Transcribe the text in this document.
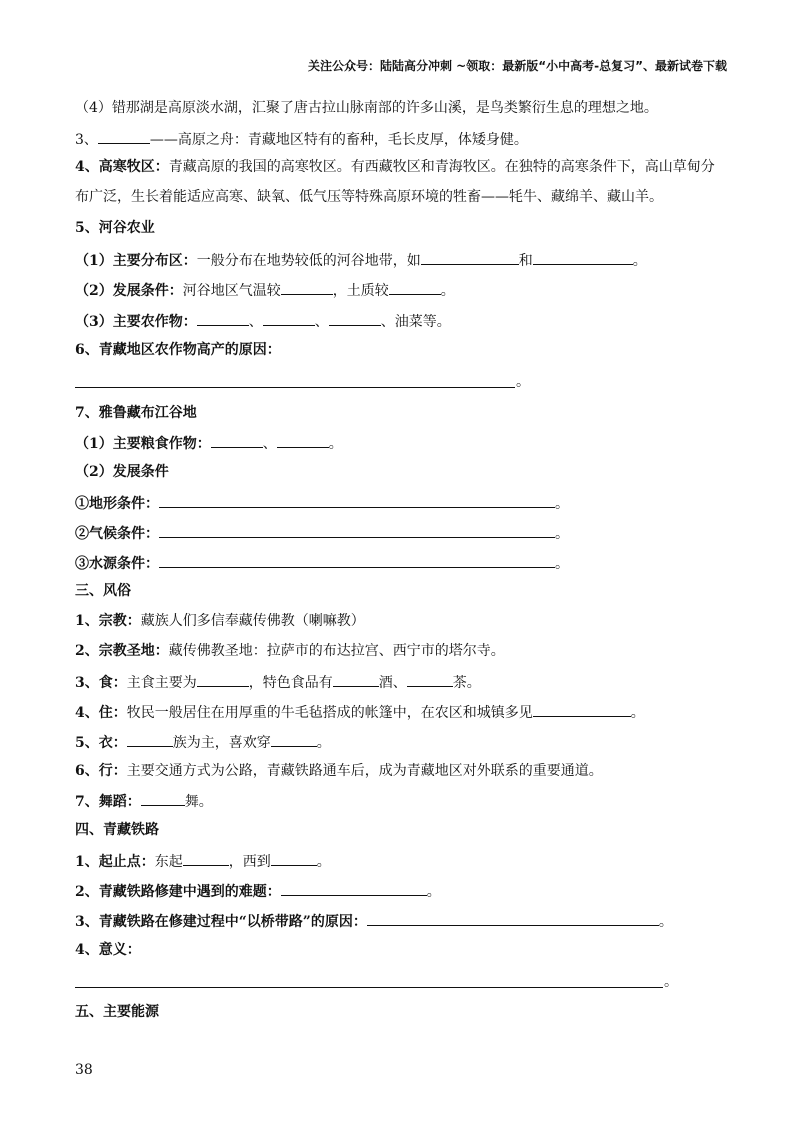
关注公众号：陆陆高分冲刺 ~领取：最新版“小中高考-总复习”、最新试卷下载
（4）错那湖是高原淡水湖，汇聚了唐古拉山脉南部的许多山溪，是鸟类繁衍生息的理想之地。
3、	——高原之舟：青藏地区特有的畜种，毛长皮厚，体矮身健。
4、高寒牧区：青藏高原的我国的高寒牧区。有西藏牧区和青海牧区。在独特的高寒条件下，高山草甸分
布广泛，生长着能适应高寒、缺氧、低气压等特殊高原环境的牲畜——牦牛、藏绵羊、藏山羊。
5、河谷农业
（1）主要分布区：一般分布在地势较低的河谷地带，如	和	。
（2）发展条件：河谷地区气温较	，土质较	。
（3）主要农作物：	、	、	、油菜等。
6、青藏地区农作物高产的原因：
。
7、雅鲁藏布江谷地
（1）主要粮食作物：	、	。
（2）发展条件
①地形条件：	。
②气候条件：	。
③水源条件：	。
三、风俗
1、宗教：藏族人们多信奉藏传佛教（喇嘛教）
2、宗教圣地：藏传佛教圣地：拉萨市的布达拉宫、西宁市的塔尔寺。
3、食：主食主要为	，特色食品有	酒、	茶。
4、住：牧民一般居住在用厚重的牛毛毡搭成的帐篷中，在农区和城镇多见	。
5、衣：	族为主，喜欢穿	。
6、行：主要交通方式为公路，青藏铁路通车后，成为青藏地区对外联系的重要通道。
7、舞蹈：	舞。
四、青藏铁路
1、起止点：东起	，西到	。
2、青藏铁路修建中遇到的难题：	。
3、青藏铁路在修建过程中“以桥带路”的原因：	。
4、意义：
。
五、主要能源
38
